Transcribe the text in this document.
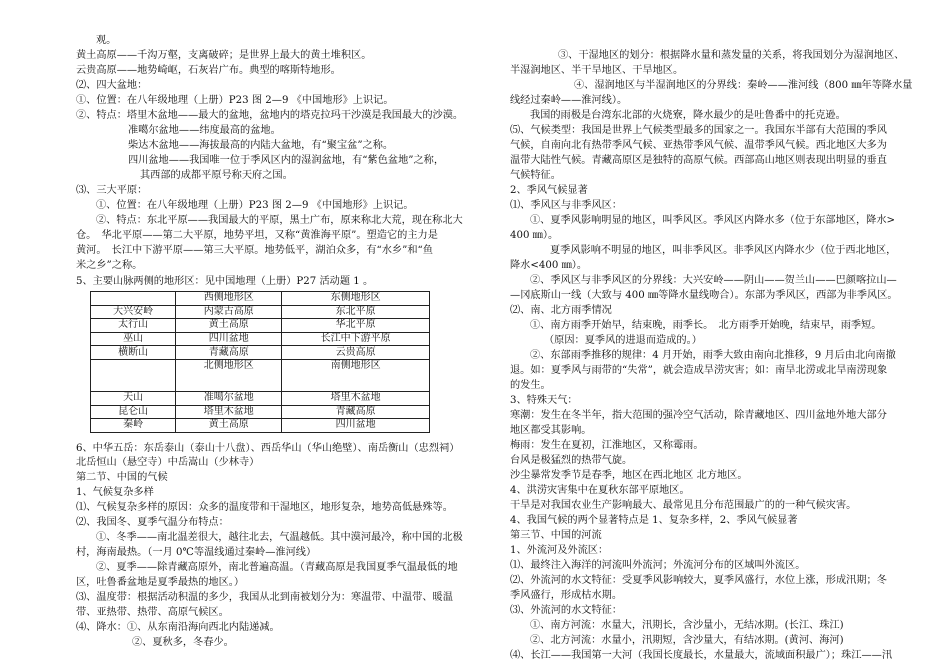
观。
黄土高原——千沟万壑，支离破碎；是世界上最大的黄土堆积区。
云贵高原——地势崎岖，石灰岩广布。典型的喀斯特地形。
⑵、四大盆地：
①、位置：在八年级地理（上册）P23 图 2—9 《中国地形》上识记。
②、特点：塔里木盆地——最大的盆地，盆地内的塔克拉玛干沙漠是我国最大的沙漠。
准噶尔盆地——纬度最高的盆地。
柴达木盆地——海拔最高的内陆大盆地，有“聚宝盆”之称。
四川盆地——我国唯一位于季风区内的湿润盆地，有“紫色盆地”之称，
其西部的成都平原号称天府之国。
⑶、三大平原：
①、位置：在八年级地理（上册）P23 图 2—9 《中国地形》上识记。
②、特点：东北平原——我国最大的平原，黑土广布，原来称北大荒，现在称北大
仓。　华北平原——第二大平原，地势平坦，又称“黄淮海平原”。塑造它的主力是
黄河。　长江中下游平原——第三大平原。地势低平，湖泊众多，有“水乡”和“鱼
米之乡”之称。
5、主要山脉两侧的地形区：见中国地理（上册）P27 活动题 1 。
	西侧地形区	东侧地形区
大兴安岭	内蒙古高原	东北平原
太行山	黄土高原	华北平原
巫山	四川盆地	长江中下游平原
横断山	青藏高原	云贵高原
	北侧地形区	南侧地形区
天山	准噶尔盆地	塔里木盆地
昆仑山	塔里木盆地	青藏高原
秦岭	黄土高原	四川盆地
6、中华五岳：东岳泰山（泰山十八盘）、西岳华山（华山绝壁）、南岳衡山（忠烈祠）
北岳恒山（悬空寺）中岳嵩山（少林寺）
第二节、中国的气候
1、气候复杂多样
⑴、气候复杂多样的原因：众多的温度带和干湿地区，地形复杂，地势高低悬殊等。
⑵、我国冬、夏季气温分布特点：
①、冬季——南北温差很大，越往北去，气温越低。其中漠河最冷，称中国的北极
村，海南最热。（一月 0℃等温线通过秦岭—淮河线）
②、夏季——除青藏高原外，南北普遍高温。（青藏高原是我国夏季气温最低的地
区，吐鲁番盆地是夏季最热的地区。）
⑶、温度带：根据活动积温的多少，我国从北到南被划分为：寒温带、中温带、暖温
带、亚热带、热带、高原气候区。
⑷、降水：①、从东南沿海向西北内陆递减。
②、夏秋多，冬春少。
③、干湿地区的划分：根据降水量和蒸发量的关系，将我国划分为湿润地区、
半湿润地区、半干旱地区、干旱地区。
④、湿润地区与半湿润地区的分界线：秦岭——淮河线（800 ㎜年等降水量
线经过秦岭——淮河线）。
我国的雨极是台湾东北部的火烧寮，降水最少的是吐鲁番中的托克逊。
⑸、气候类型：我国是世界上气候类型最多的国家之一。我国东半部有大范围的季风
气候，自南向北有热带季风气候、亚热带季风气候、温带季风气候。西北地区大多为
温带大陆性气候。青藏高原区是独特的高原气候。西部高山地区则表现出明显的垂直
气候特征。
2、季风气候显著
⑴、季风区与非季风区：
①、夏季风影响明显的地区，叫季风区。季风区内降水多（位于东部地区，降水>
400 ㎜）。
夏季风影响不明显的地区，叫非季风区。非季风区内降水少（位于西北地区，
降水<400 ㎜）。
②、季风区与非季风区的分界线：大兴安岭——阴山——贺兰山——巴颜喀拉山—
—冈底斯山一线（大致与 400 ㎜等降水量线吻合）。东部为季风区，西部为非季风区。
⑵、南、北方雨季情况
①、南方雨季开始早，结束晚，雨季长。　北方雨季开始晚，结束早，雨季短。
（原因：夏季风的进退而造成的。）
②、东部雨季推移的规律：4 月开始，雨季大致由南向北推移，9 月后由北向南撤
退。如：夏季风与雨带的“失常”，就会造成旱涝灾害；如：南旱北涝或北旱南涝现象
的发生。
3、特殊天气：
寒潮：发生在冬半年，指大范围的强冷空气活动，除青藏地区、四川盆地外地大部分
地区都受其影响。
梅雨：发生在夏初，江淮地区，又称霉雨。
台风是极猛烈的热带气旋。
沙尘暴常发季节是春季，地区在西北地区 北方地区。
4、洪涝灾害集中在夏秋东部平原地区。
干旱是对我国农业生产影响最大、最常见且分布范围最广的的一种气候灾害。
4、我国气候的两个显著特点是 1、复杂多样，2、季风气候显著
第三节、中国的河流
1、外流河及外流区：
⑴、最终注入海洋的河流叫外流河；外流河分布的区域叫外流区。
⑵、外流河的水文特征：受夏季风影响较大，夏季风盛行，水位上涨，形成汛期；冬
季风盛行，形成枯水期。
⑶、外流河的水文特征：
①、南方河流：水量大，汛期长，含沙量小，无结冰期。(长江、珠江)
②、北方河流：水量小，汛期短，含沙量大，有结冰期。(黄河、海河)
⑷、长江——我国第一大河（我国长度最长，水量最大，流域面积最广）；珠江——汛
